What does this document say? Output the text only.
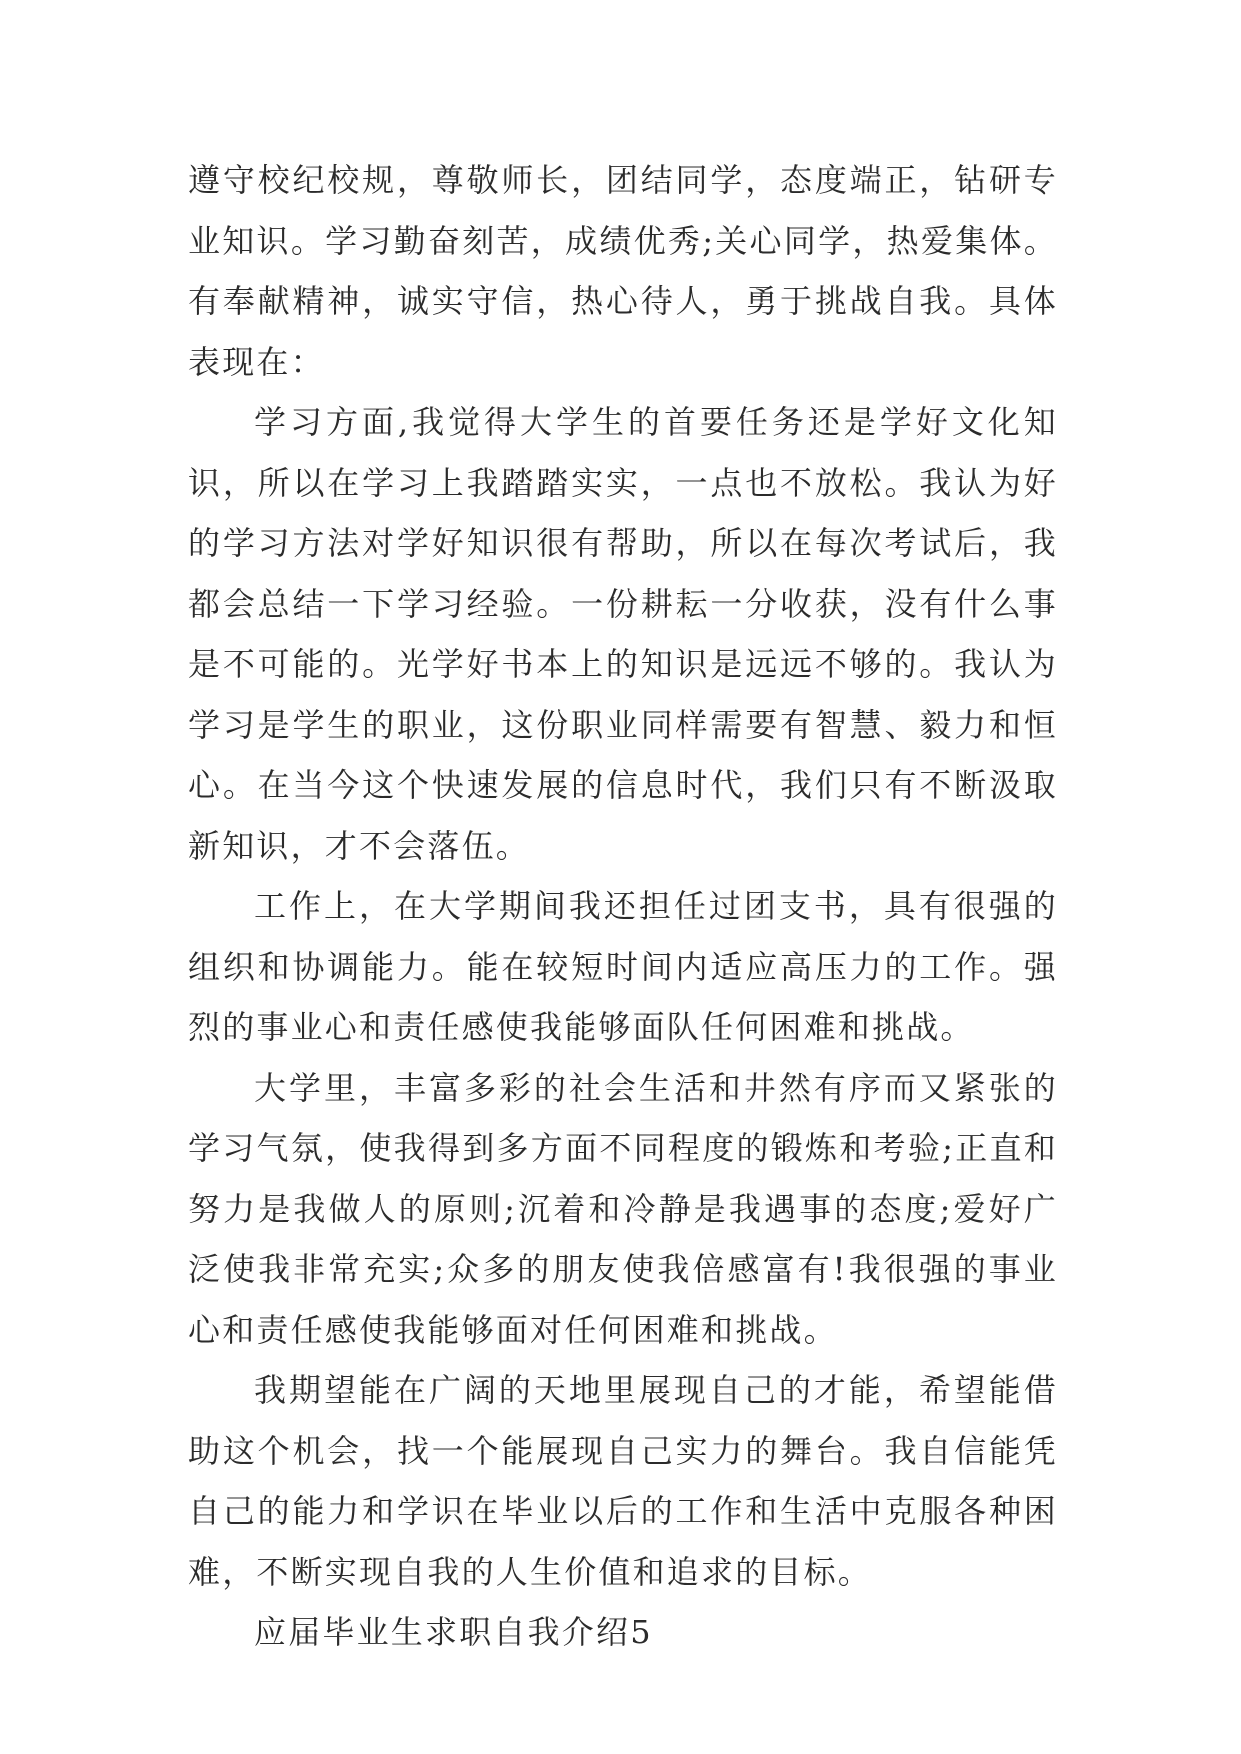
遵守校纪校规，尊敬师长，团结同学，态度端正，钻研专业知识。学习勤奋刻苦，成绩优秀;关心同学，热爱集体。有奉献精神，诚实守信，热心待人，勇于挑战自我。具体表现在：

学习方面,我觉得大学生的首要任务还是学好文化知识，所以在学习上我踏踏实实，一点也不放松。我认为好的学习方法对学好知识很有帮助，所以在每次考试后，我都会总结一下学习经验。一份耕耘一分收获，没有什么事是不可能的。光学好书本上的知识是远远不够的。我认为学习是学生的职业，这份职业同样需要有智慧、毅力和恒心。在当今这个快速发展的信息时代，我们只有不断汲取新知识，才不会落伍。

工作上，在大学期间我还担任过团支书，具有很强的组织和协调能力。能在较短时间内适应高压力的工作。强烈的事业心和责任感使我能够面队任何困难和挑战。

大学里，丰富多彩的社会生活和井然有序而又紧张的学习气氛，使我得到多方面不同程度的锻炼和考验;正直和努力是我做人的原则;沉着和冷静是我遇事的态度;爱好广泛使我非常充实;众多的朋友使我倍感富有!我很强的事业心和责任感使我能够面对任何困难和挑战。

我期望能在广阔的天地里展现自己的才能，希望能借助这个机会，找一个能展现自己实力的舞台。我自信能凭自己的能力和学识在毕业以后的工作和生活中克服各种困难，不断实现自我的人生价值和追求的目标。

应届毕业生求职自我介绍5
